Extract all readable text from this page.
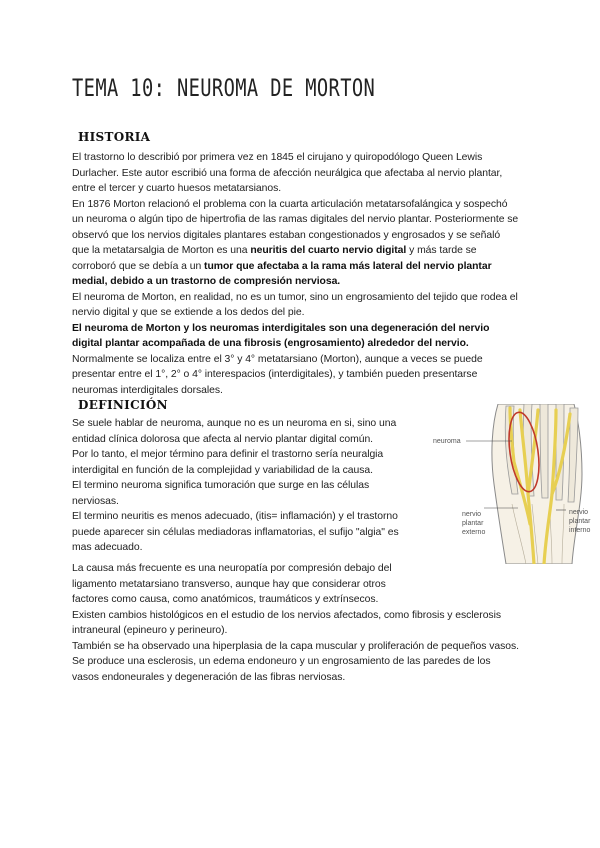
TEMA 10: NEUROMA DE MORTON
HISTORIA

El trastorno lo describió por primera vez en 1845 el cirujano y quiropodólogo Queen Lewis Durlacher. Este autor escribió una forma de afección neurálgica que afectaba al nervio plantar, entre el tercer y cuarto huesos metatarsianos.

En 1876 Morton relacionó el problema con la cuarta articulación metatarsofalángica y sospechó un neuroma o algún tipo de hipertrofia de las ramas digitales del nervio plantar. Posteriormente se observó que los nervios digitales plantares estaban congestionados y engrosados y se señaló que la metatarsalgia de Morton es una neuritis del cuarto nervio digital y más tarde se corroboró que se debía a un tumor que afectaba a la rama más lateral del nervio plantar medial, debido a un trastorno de compresión nerviosa.

El neuroma de Morton, en realidad, no es un tumor, sino un engrosamiento del tejido que rodea el nervio digital y que se extiende a los dedos del pie.

El neuroma de Morton y los neuromas interdigitales son una degeneración del nervio digital plantar acompañada de una fibrosis (engrosamiento) alrededor del nervio.

Normalmente se localiza entre el 3° y 4° metatarsiano (Morton), aunque a veces se puede presentar entre el 1°, 2° o 4° interespacios (interdigitales), y también pueden presentarse neuromas interdigitales dorsales.

DEFINICIÓN

Se suele hablar de neuroma, aunque no es un neuroma en si, sino una entidad clínica dolorosa que afecta al nervio plantar digital común.

Por lo tanto, el mejor término para definir el trastorno sería neuralgia interdigital en función de la complejidad y variabilidad de la causa.

El termino neuroma significa tumoración que surge en las células nerviosas.

El termino neuritis es menos adecuado, (itis= inflamación) y el trastorno puede aparecer sin células mediadoras inflamatorias, el sufijo "algia" es mas adecuado.

La causa más frecuente es una neuropatía por compresión debajo del ligamento metatarsiano transverso, aunque hay que considerar otros factores como causa, como anatómicos, traumáticos y extrínsecos.

Existen cambios histológicos en el estudio de los nervios afectados, como fibrosis y esclerosis intraneural (epineuro y perineuro).

También se ha observado una hiperplasia de la capa muscular y proliferación de pequeños vasos.

Se produce una esclerosis, un edema endoneuro y un engrosamiento de las paredes de los vasos endoneurales y degeneración de las fibras nerviosas.

neuroma
nervio plantar externo
nervio plantar interno
